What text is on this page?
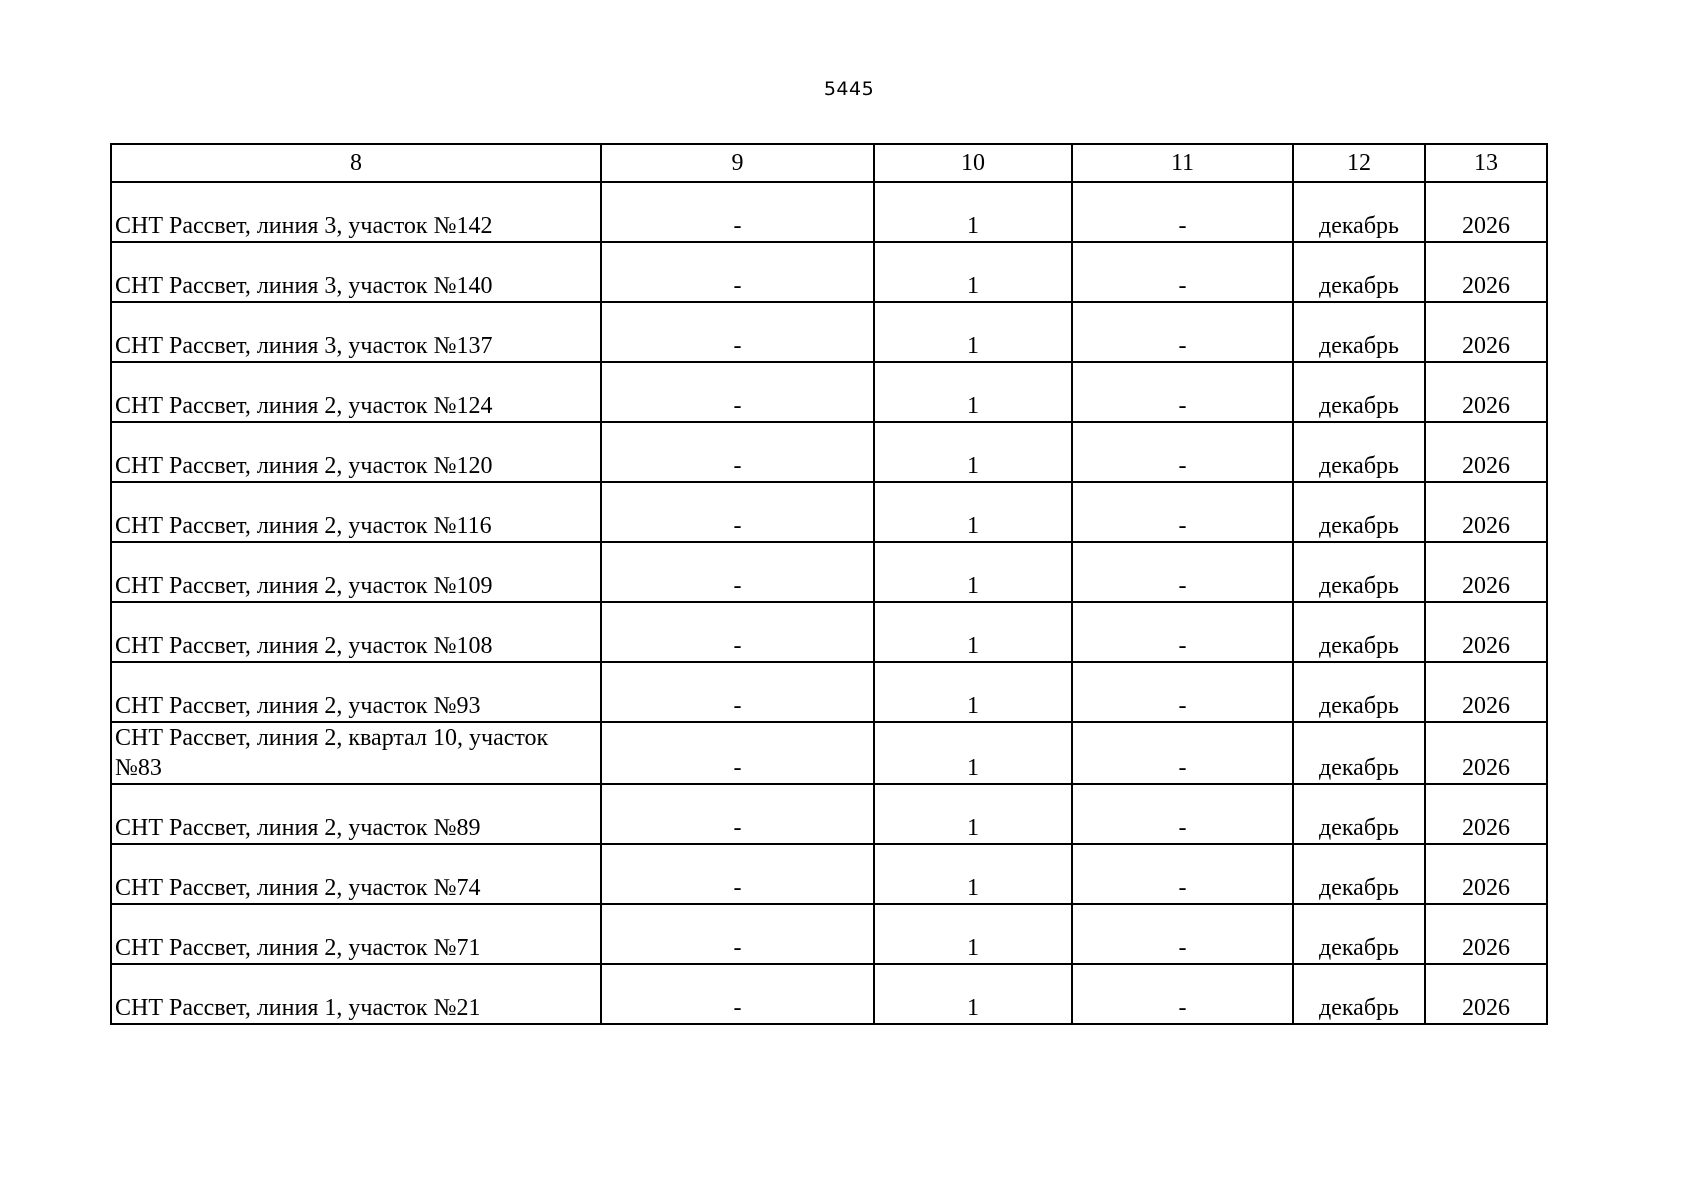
5445
8	9	10	11	12	13
СНТ Рассвет, линия 3, участок №142	-	1	-	декабрь	2026
СНТ Рассвет, линия 3, участок №140	-	1	-	декабрь	2026
СНТ Рассвет, линия 3, участок №137	-	1	-	декабрь	2026
СНТ Рассвет, линия 2, участок №124	-	1	-	декабрь	2026
СНТ Рассвет, линия 2, участок №120	-	1	-	декабрь	2026
СНТ Рассвет, линия 2, участок №116	-	1	-	декабрь	2026
СНТ Рассвет, линия 2, участок №109	-	1	-	декабрь	2026
СНТ Рассвет, линия 2, участок №108	-	1	-	декабрь	2026
СНТ Рассвет, линия 2, участок №93	-	1	-	декабрь	2026
СНТ Рассвет, линия 2, квартал 10, участок №83	-	1	-	декабрь	2026
СНТ Рассвет, линия 2, участок №89	-	1	-	декабрь	2026
СНТ Рассвет, линия 2, участок №74	-	1	-	декабрь	2026
СНТ Рассвет, линия 2, участок №71	-	1	-	декабрь	2026
СНТ Рассвет, линия 1, участок №21	-	1	-	декабрь	2026
